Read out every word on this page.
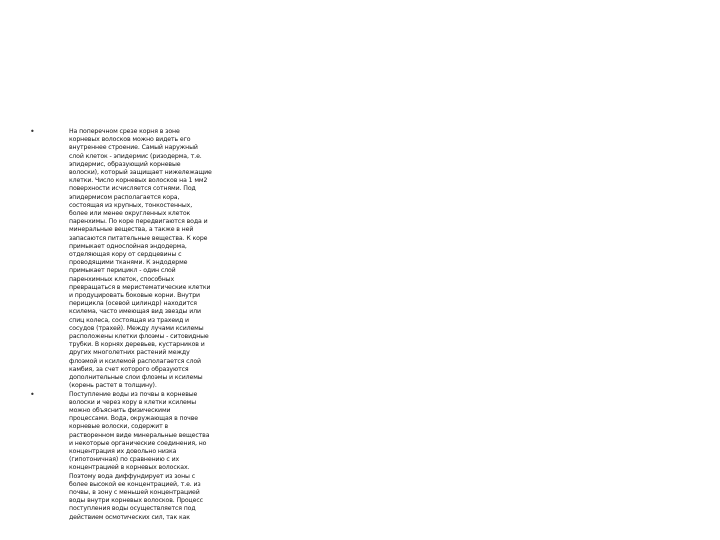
•	На поперечном срезе корня в зоне корневых волосков можно видеть его внутреннее строение. Самый наружный слой клеток - эпидермис (ризодерма, т.е. эпидермис, образующий корневые волоски), который защищает нижележащие клетки. Число корневых волосков на 1 мм2 поверхности исчисляется сотнями. Под эпидермисом располагается кора, состоящая из крупных, тонкостенных, более или менее округленных клеток паренхимы. По коре передвигаются вода и минеральные вещества, а также в ней запасаются питательные вещества. К коре примыкает однослойная эндодерма, отделяющая кору от сердцевины с проводящими тканями. К эндодерме примыкает перицикл - один слой паренхимных клеток, способных превращаться в меристематические клетки и продуцировать боковые корни. Внутри перицикла (осевой цилиндр) находится ксилема, часто имеющая вид звезды или спиц колеса, состоящая из трахеид и сосудов (трахей). Между лучами ксилемы расположены клетки флоэмы - ситовидные трубки. В корнях деревьев, кустарников и других многолетних растений между флоэмой и ксилемой располагается слой камбия, за счет которого образуются дополнительные слои флоэмы и ксилемы (корень растет в толщину).
•	Поступление воды из почвы в корневые волоски и через кору в клетки ксилемы можно объяснить физическими процессами. Вода, окружающая в почве корневые волоски, содержит в растворенном виде минеральные вещества и некоторые органические соединения, но концентрация их довольно низка (гипотоничная) по сравнению с их концентрацией в корневых волосках. Поэтому вода диффундирует из зоны с более высокой ее концентрацией, т.е. из почвы, в зону с меньшей концентрацией воды внутри корневых волосков. Процесс поступления воды осуществляется под действием осмотических сил, так как
